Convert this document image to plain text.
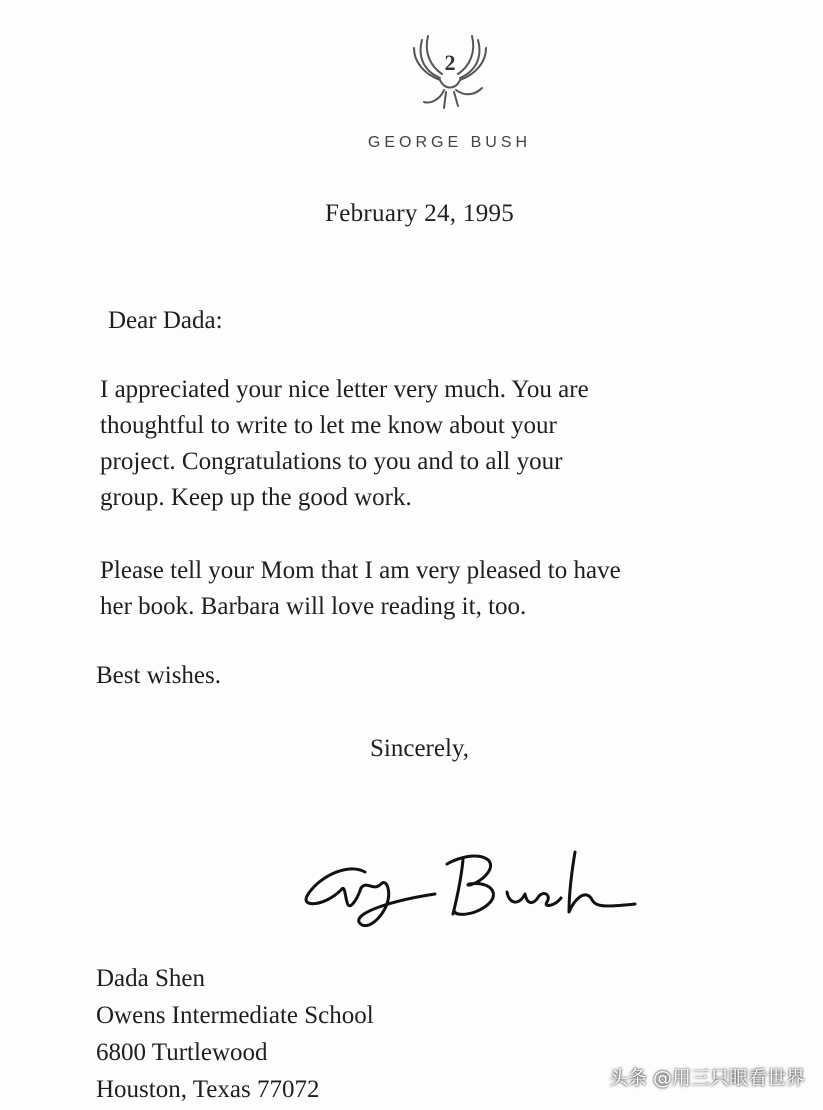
2
GEORGE BUSH
February 24, 1995
Dear Dada:

I appreciated your nice letter very much. You are
thoughtful to write to let me know about your
project. Congratulations to you and to all your
group. Keep up the good work.

Please tell your Mom that I am very pleased to have
her book. Barbara will love reading it, too.

Best wishes.
Sincerely,
Dada Shen
Owens Intermediate School
6800 Turtlewood
Houston, Texas 77072	头条 @用三只眼看世界
